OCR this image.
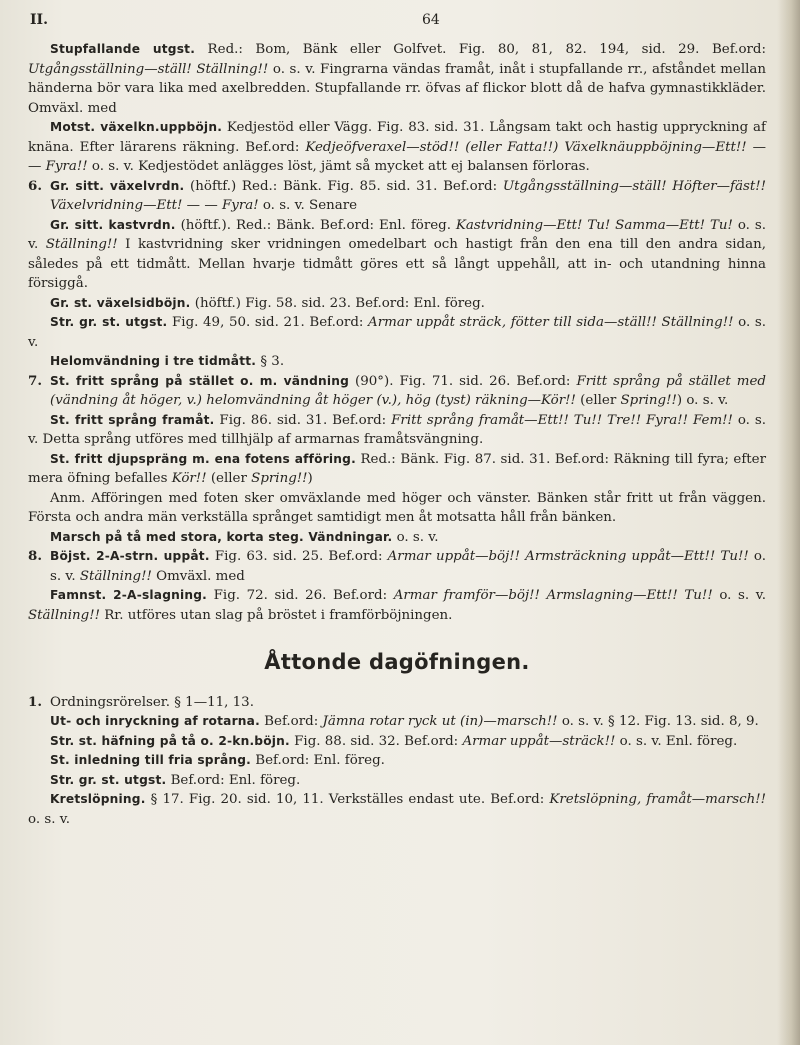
II.	64

Stupfallande utgst. Red.: Bom, Bänk eller Golfvet. Fig. 80, 81, 82. 194, sid. 29. Bef.ord: Utgångsställning—ställ! Ställning!! o. s. v. Fingrarna vändas framåt, inåt i stupfallande rr., afståndet mellan händerna bör vara lika med axelbredden. Stupfallande rr. öfvas af flickor blott då de hafva gymnastikkläder. Omväxl. med

Motst. växelkn.uppböjn. Kedjestöd eller Vägg. Fig. 83. sid. 31. Långsam takt och hastig uppryckning af knäna. Efter lärarens räkning. Bef.ord: Kedjeöfveraxel—stöd!! (eller Fatta!!) Växelknäuppböjning—Ett!! — — Fyra!! o. s. v. Kedjestödet anlägges löst, jämt så mycket att ej balansen förloras.

6. Gr. sitt. växelvrdn. (höftf.) Red.: Bänk. Fig. 85. sid. 31. Bef.ord: Utgångsställning—ställ! Höfter—fäst!! Växelvridning—Ett! — — Fyra! o. s. v. Senare

Gr. sitt. kastvrdn. (höftf.). Red.: Bänk. Bef.ord: Enl. föreg. Kastvridning—Ett! Tu! Samma—Ett! Tu! o. s. v. Ställning!! I kastvridning sker vridningen omedelbart och hastigt från den ena till den andra sidan, således på ett tidmått. Mellan hvarje tidmått göres ett så långt uppehåll, att in- och utandning hinna försiggå.

Gr. st. växelsidböjn. (höftf.) Fig. 58. sid. 23. Bef.ord: Enl. föreg.

Str. gr. st. utgst. Fig. 49, 50. sid. 21. Bef.ord: Armar uppåt sträck, fötter till sida—ställ!! Ställning!! o. s. v.

Helomvändning i tre tidmått. § 3.

7. St. fritt språng på stället o. m. vändning (90°). Fig. 71. sid. 26. Bef.ord: Fritt språng på stället med (vändning åt höger, v.) helomvändning åt höger (v.), hög (tyst) räkning—Kör!! (eller Spring!!) o. s. v.

St. fritt språng framåt. Fig. 86. sid. 31. Bef.ord: Fritt språng framåt—Ett!! Tu!! Tre!! Fyra!! Fem!! o. s. v. Detta språng utföres med tillhjälp af armarnas framåtsvängning.

St. fritt djupspräng m. ena fotens afföring. Red.: Bänk. Fig. 87. sid. 31. Bef.ord: Räkning till fyra; efter mera öfning befalles Kör!! (eller Spring!!)

Anm. Afföringen med foten sker omväxlande med höger och vänster. Bänken står fritt ut från väggen. Första och andra män verkställa språnget samtidigt men åt motsatta håll från bänken.

Marsch på tå med stora, korta steg. Vändningar. o. s. v.

8. Böjst. 2-A-strn. uppåt. Fig. 63. sid. 25. Bef.ord: Armar uppåt—böj!! Armsträckning uppåt—Ett!! Tu!! o. s. v. Ställning!! Omväxl. med

Famnst. 2-A-slagning. Fig. 72. sid. 26. Bef.ord: Armar framför—böj!! Armslagning—Ett!! Tu!! o. s. v. Ställning!! Rr. utföres utan slag på bröstet i framförböjningen.

Åttonde dagöfningen.

1. Ordningsrörelser. § 1—11, 13.

Ut- och inryckning af rotarna. Bef.ord: Jämna rotar ryck ut (in)—marsch!! o. s. v. § 12. Fig. 13. sid. 8, 9.

Str. st. häfning på tå o. 2-kn.böjn. Fig. 88. sid. 32. Bef.ord: Armar uppåt—sträck!! o. s. v. Enl. föreg.

St. inledning till fria språng. Bef.ord: Enl. föreg.

Str. gr. st. utgst. Bef.ord: Enl. föreg.

Kretslöpning. § 17. Fig. 20. sid. 10, 11. Verkställes endast ute. Bef.ord: Kretslöpning, framåt—marsch!! o. s. v.
